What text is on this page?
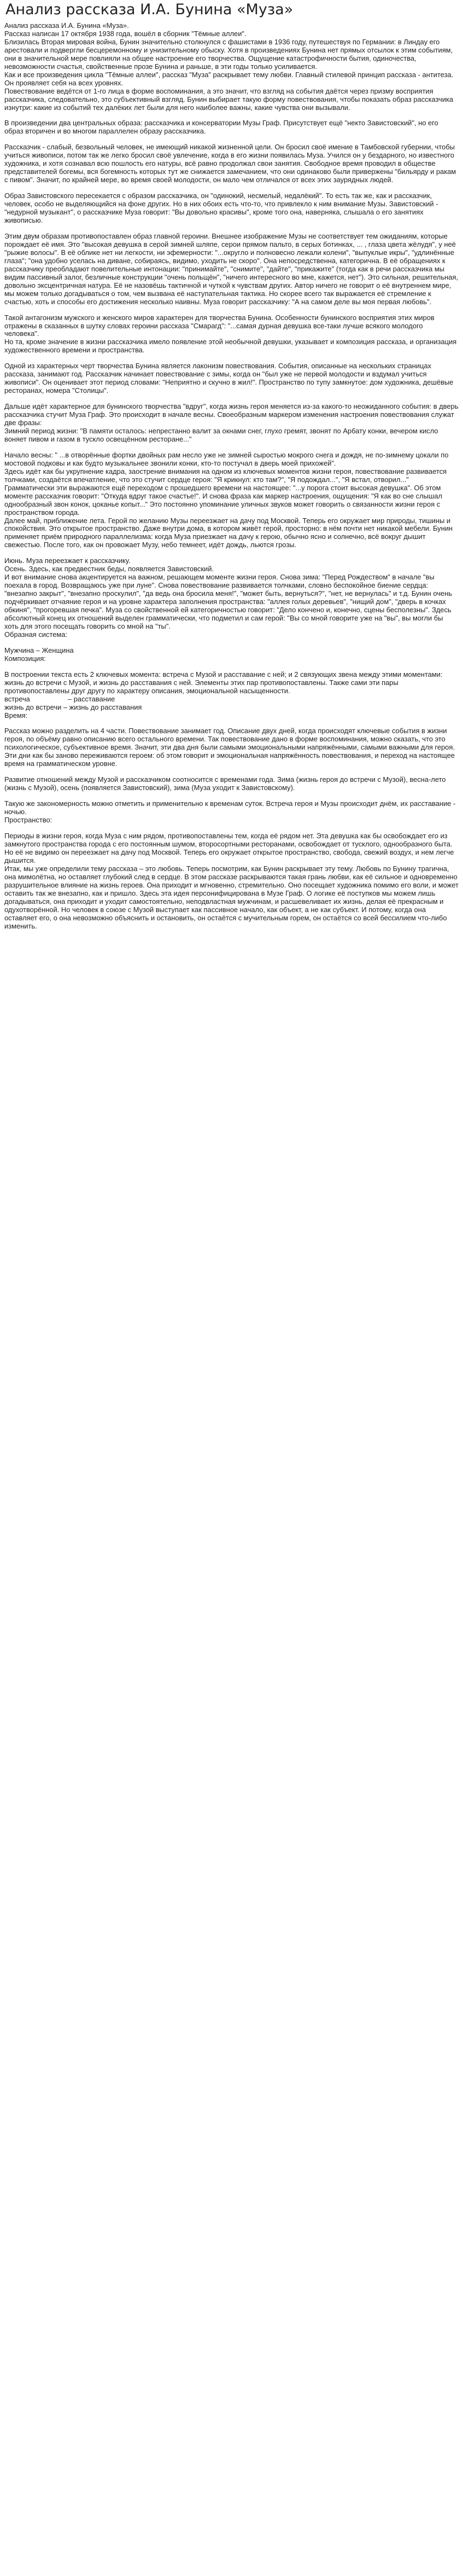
Анализ рассказа И.А. Бунина «Муза»

Анализ рассказа И.А. Бунина «Муза».
Рассказ написан 17 октября 1938 года, вошёл в сборник "Тёмные аллеи".
Близилась Вторая мировая война, Бунин значительно столкнулся с фашистами в 1936 году, путешествуя по Германии: в Линдау его арестовали и подвергли бесцеремонному и унизительному обыску. Хотя в произведениях Бунина нет прямых отсылок к этим событиям, они в значительной мере повлияли на общее настроение его творчества. Ощущение катастрофичности бытия, одиночества, невозможности счастья, свойственные прозе Бунина и раньше, в эти годы только усиливается.
Как и все произведения цикла "Тёмные аллеи", рассказ "Муза" раскрывает тему любви. Главный стилевой принцип рассказа - антитеза. Он проявляет себя на всех уровнях.
Повествование ведётся от 1-го лица в форме воспоминания, а это значит, что взгляд на события даётся через призму восприятия рассказчика, следовательно, это субъективный взгляд. Бунин выбирает такую форму повествования, чтобы показать образ рассказчика изнутри: какие из событий тех далёких лет были для него наиболее важны, какие чувства они вызывали.

В произведении два центральных образа: рассказчика и консерватории Музы Граф. Присутствует ещё "некто Завистовский", но его образ вторичен и во многом параллелен образу рассказчика.

Рассказчик - слабый, безвольный человек, не имеющий никакой жизненной цели. Он бросил своё имение в Тамбовской губернии, чтобы учиться живописи, потом так же легко бросил своё увлечение, когда в его жизни появилась Муза. Учился он у бездарного, но известного художника, и хотя сознавал всю пошлость его натуры, всё равно продолжал свои занятия. Свободное время проводил в обществе представителей богемы, вся богемность которых тут же снижается замечанием, что они одинаково были привержены "бильярду и ракам с пивом". Значит, по крайней мере, во время своей молодости, он мало чем отличался от всех этих заурядных людей.

Образ Завистовского пересекается с образом рассказчика, он "одинокий, несмелый, недалёкий". То есть так же, как и рассказчик, человек, особо не выделяющийся на фоне других. Но в них обоих есть что-то, что привлекло к ним внимание Музы. Завистовский - "недурной музыкант", о рассказчике Муза говорит: "Вы довольно красивы", кроме того она, наверняка, слышала о его занятиях живописью.

Этим двум образам противопоставлен образ главной героини. Внешнее изображение Музы не соответствует тем ожиданиям, которые порождает её имя. Это "высокая девушка в серой зимней шляпе, серои прямом пальто, в серых ботинках, ... , глаза цвета жёлудя", у неё "рыжие волосы". В её облике нет ни легкости, ни эфемерности: "...округло и полновесно лежали колени", "выпуклые икры", "удлинённые глаза"; "она удобно уселась на диване, собираясь, видимо, уходить не скоро". Она непосредственна, категорична. В её обращениях к рассказчику преобладают повелительные интонации: "принимайте", "снимите", "дайте", "прикажите" (тогда как в речи рассказчика мы видим пассивный залог, безличные конструкции "очень польщён", "ничего интересного во мне, кажется, нет"). Это сильная, решительная, довольно эксцентричная натура. Её не назовёшь тактичной и чуткой к чувствам других. Автор ничего не говорит о её внутреннем мире, мы можем только догадываться о том, чем вызвана её наступательная тактика. Но скорее всего так выражается её стремление к счастью, хоть и способы его достижения несколько наивны. Муза говорит рассказчику: "А на самом деле вы моя первая любовь".

Такой антагонизм мужского и женского миров характерен для творчества Бунина. Особенности бунинского восприятия этих миров отражены в сказанных в шутку словах героини рассказа "Смарагд": "...самая дурная девушка все-таки лучше всякого молодого человека".
Но та, кроме значение в жизни рассказчика имело появление этой необычной девушки, указывает и композиция рассказа, и организация художественного времени и пространства.

Одной из характерных черт творчества Бунина является лаконизм повествования. События, описанные на нескольких страницах рассказа, занимают год. Рассказчик начинает повествование с зимы, когда он "был уже не первой молодости и вздумал учиться живописи". Он оценивает этот период словами: "Неприятно и скучно в жил!". Пространство по тупу замкнутое: дом художника, дешёвые ресторанах, номера "Столицы".

Дальше идёт характерное для бунинского творчества "вдруг", когда жизнь героя меняется из-за какого-то неожиданного события: в дверь рассказчика стучит Муза Граф. Это происходит в начале весны. Своеобразным маркером изменения настроения повествования служат две фразы:
Зимний период жизни: "В памяти осталось: непрестанно валит за окнами снег, глухо гремят, звонят по Арбату конки, вечером кисло воняет пивом и газом в тускло освещённом ресторане..."

Начало весны: " ...в отворённые фортки двойных рам несло уже не зимней сыростью мокрого снега и дождя, не по-зимнему цокали по мостовой подковы и как будто музыкальнее звонили конки, кто-то постучал в дверь моей прихожей".
Здесь идёт как бы укрупнение кадра, заострение внимания на одном из ключевых моментов жизни героя, повествование развивается толчками, создаётся впечатление, что это стучит сердце героя: "Я крикнул: кто там?", "Я подождал...", "Я встал, отворил..." Грамматически эти выражаются ещё переходом с прошедшего времени на настоящее: "...у порога стоит высокая девушка". Об этом моменте рассказчик говорит: "Откуда вдруг такое счастье!". И снова фраза как маркер настроения, ощущения: "Я как во сне слышал однообразный звон конок, цоканье копыт..." Это постоянно упоминание уличных звуков может говорить о связанности жизни героя с пространством города.
Далее май, приближение лета. Герой по желанию Музы переезжает на дачу под Москвой. Теперь его окружает мир природы, тишины и спокойствия. Это открытое пространство. Даже внутри дома, в котором живёт герой, просторно: в нём почти нет никакой мебели. Бунин применяет приём природного параллелизма: когда Муза приезжает на дачу к герою, обычно ясно и солнечно, всё вокруг дышит свежестью. После того, как он провожает Музу, небо темнеет, идёт дождь, льются грозы.

Июнь. Муза переезжает к рассказчику.
Осень. Здесь, как предвестник беды, появляется Завистовский.
И вот внимание снова акцентируется на важном, решающем моменте жизни героя. Снова зима: "Перед Рождеством" в начале "вы поехала в город. Возвращаюсь уже при луне". Снова повествование развивается толчками, словно беспокойное биение сердца: "внезапно закрыт", "внезапно проскулил", "да ведь она бросила меня!", "может быть, вернуться?", "нет, не вернулась" и т.д. Бунин очень подчёркивает отчаяние героя и на уровне характера заполнения пространства: "аллея голых деревьев", "нищий дом", "дверь в кочках обкиня", "прогоревшая печка". Муза со свойственной ей категоричностью говорит: "Дело кончено и, конечно, сцены бесполезны". Здесь абсолютный конец их отношений выделен грамматически, что подметил и сам герой: "Вы со мной говорите уже на "вы", вы могли бы хоть для этого посещать говорить со мной на "ты".
Образная система:

Мужчина – Женщина
Композиция:

В построении текста есть 2 ключевых момента: встреча с Музой и расставание с ней; и 2 связующих звена между этими моментами: жизнь до встречи с Музой, и жизнь до расставания с ней. Элементы этих пар противопоставлены. Также сами эти пары противопоставлены друг другу по характеру описания, эмоциональной насыщенности.
встреча	– расставание
жизнь до встречи – жизнь до расставания
Время:

Рассказ можно разделить на 4 части. Повествование занимает год. Описание двух дней, когда происходят ключевые события в жизни героя, по объёму равно описанию всего остального времени. Так повествование дано в форме воспоминания, можно сказать, что это психологическое, субъективное время. Значит, эти два дня были самыми эмоциональными напряжёнными, самыми важными для героя. Эти дни как бы заново переживаются героем: об этом говорит и эмоциональная напряжённость повествования, и переход на настоящее время на грамматическом уровне.

Развитие отношений между Музой и рассказчиком соотносится с временами года. Зима (жизнь героя до встречи с Музой), весна-лето (жизнь с Музой), осень (появляется Завистовский), зима (Муза уходит к Завистовскому).

Такую же закономерность можно отметить и применительно к временам суток. Встреча героя и Музы происходит днём, их расставание - ночью.
Пространство:

Периоды в жизни героя, когда Муза с ним рядом, противопоставлены тем, когда её рядом нет. Эта девушка как бы освобождает его из замкнутого пространства города с его постоянным шумом, второсортными ресторанами, освобождает от тусклого, однообразного быта. Но её не видимо он переезжает на дачу под Москвой. Теперь его окружает открытое пространство, свобода, свежий воздух, и нем легче дышится.
Итак, мы уже определили тему рассказа – это любовь. Теперь посмотрим, как Бунин раскрывает эту тему. Любовь по Бунину трагична, она мимолётна, но оставляет глубокий след в сердце. В этом рассказе раскрываются такая грань любви, как её сильное и одновременно разрушительное влияние на жизнь героев. Она приходит и мгновенно, стремительно. Оно посещает художника помимо его воли, и может оставить так же внезапно, как и пришло. Здесь эта идея персонифицирована в Музе Граф. О логике её поступков мы можем лишь догадываться, она приходит и уходит самостоятельно, неподвластная мужчинам, и расшевеливает их жизнь, делая её прекрасным и одухотворённой. Но человек в союзе с Музой выступает как пассивное начало, как объект, а не как субъект. И потому, когда она оставляет его, о она невозможно объяснить и остановить, он остаётся с мучительным горем, он остаётся со всей бессилием что-либо изменить.
